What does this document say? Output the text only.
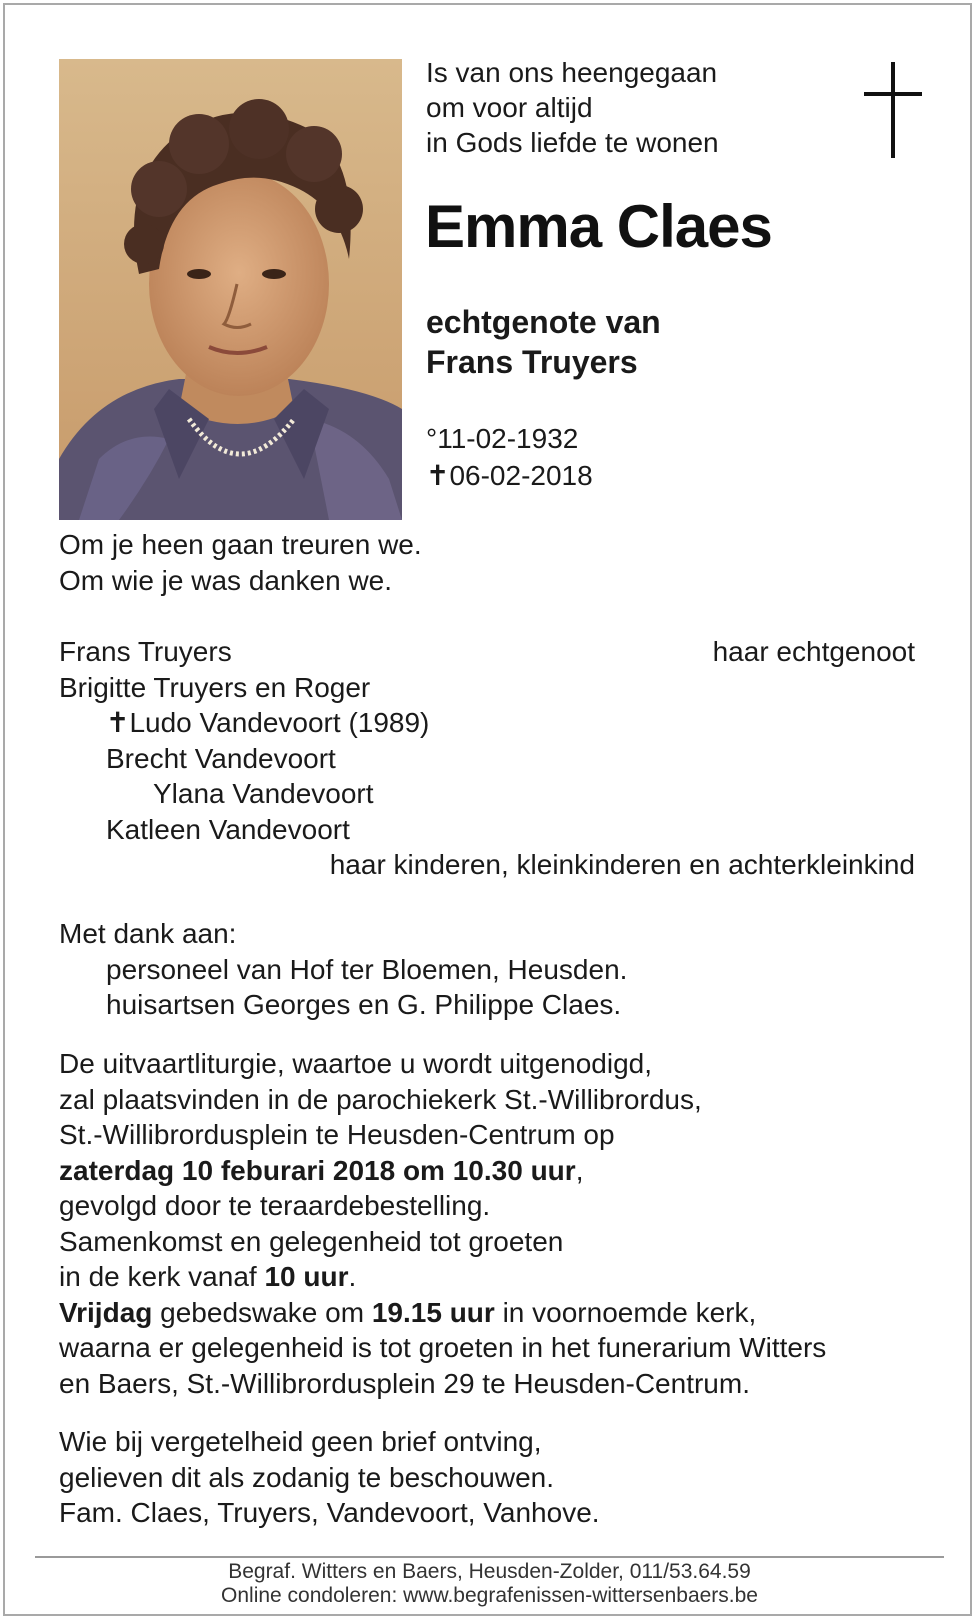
Is van ons heengegaan
om voor altijd
in Gods liefde te wonen
Emma Claes
echtgenote van
Frans Truyers
°11-02-1932
✝06-02-2018
Om je heen gaan treuren we.
Om wie je was danken we.
Frans Truyers	haar echtgenoot
Brigitte Truyers en Roger
✝Ludo Vandevoort (1989)
Brecht Vandevoort
Ylana Vandevoort
Katleen Vandevoort
haar kinderen, kleinkinderen en achterkleinkind
Met dank aan:
personeel van Hof ter Bloemen, Heusden.
huisartsen Georges en G. Philippe Claes.
De uitvaartliturgie, waartoe u wordt uitgenodigd,
zal plaatsvinden in de parochiekerk St.-Willibrordus,
St.-Willibrordusplein te Heusden-Centrum op
zaterdag 10 feburari 2018 om 10.30 uur,
gevolgd door te teraardebestelling.
Samenkomst en gelegenheid tot groeten
in de kerk vanaf 10 uur.
Vrijdag gebedswake om 19.15 uur in voornoemde kerk,
waarna er gelegenheid is tot groeten in het funerarium Witters
en Baers, St.-Willibrordusplein 29 te Heusden-Centrum.
Wie bij vergetelheid geen brief ontving,
gelieven dit als zodanig te beschouwen.
Fam. Claes, Truyers, Vandevoort, Vanhove.
Begraf. Witters en Baers, Heusden-Zolder, 011/53.64.59
Online condoleren: www.begrafenissen-wittersenbaers.be
